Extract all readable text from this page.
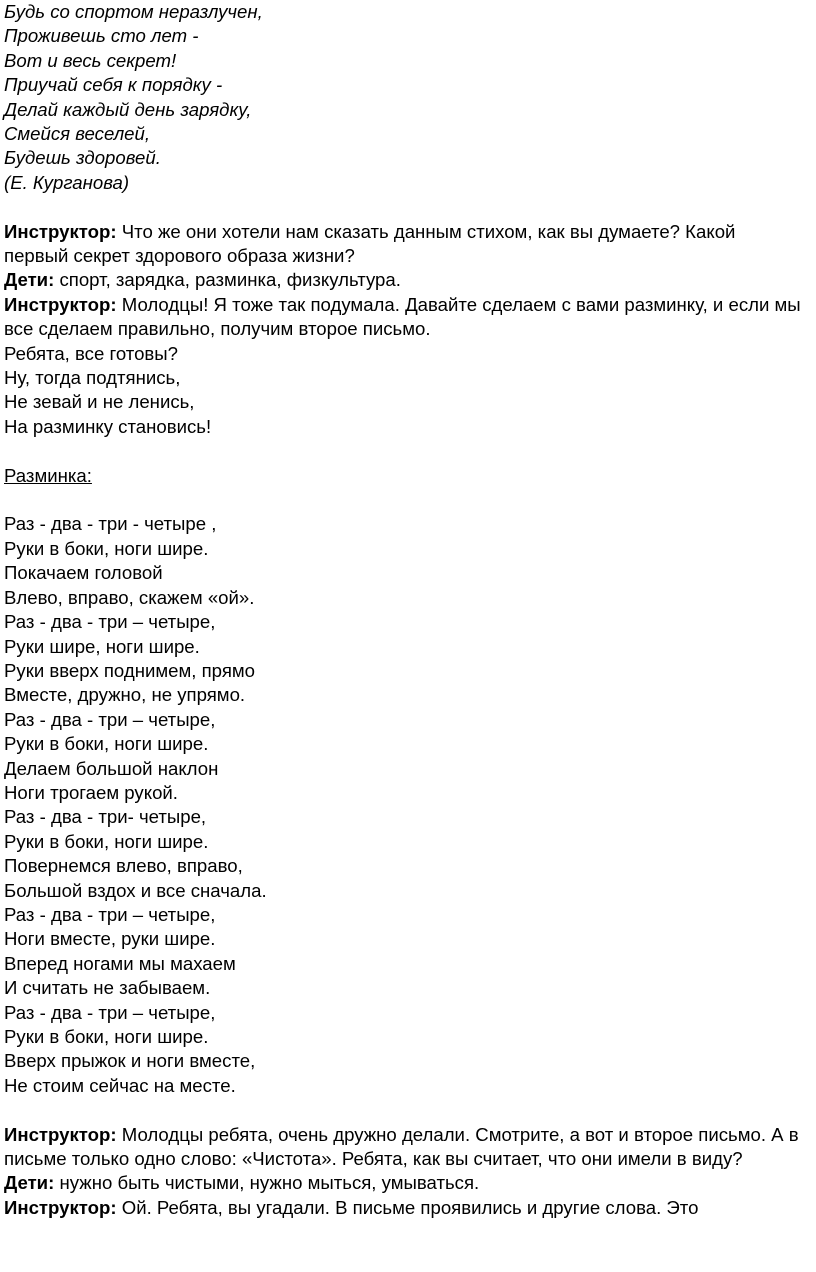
Будь со спортом неразлучен,
Проживешь сто лет -
Вот и весь секрет!
Приучай себя к порядку -
Делай каждый день зарядку,
Смейся веселей,
Будешь здоровей.
(Е. Курганова)
Инструктор: Что же они хотели нам сказать данным стихом, как вы думаете? Какой первый секрет здорового образа жизни?
Дети: спорт, зарядка, разминка, физкультура.
Инструктор: Молодцы! Я тоже так подумала. Давайте сделаем с вами разминку, и если мы все сделаем правильно, получим второе письмо.
Ребята, все готовы?
Ну, тогда подтянись,
Не зевай и не ленись,
На разминку становись!
Разминка:
Раз - два - три - четыре ,
Руки в боки, ноги шире.
Покачаем головой
Влево, вправо, скажем «ой».
Раз - два - три – четыре,
Руки шире, ноги шире.
Руки вверх поднимем, прямо
Вместе, дружно, не упрямо.
Раз - два - три – четыре,
Руки в боки, ноги шире.
Делаем большой наклон
Ноги трогаем рукой.
Раз - два - три- четыре,
Руки в боки, ноги шире.
Повернемся влево, вправо,
Большой вздох и все сначала.
Раз - два - три – четыре,
Ноги вместе, руки шире.
Вперед ногами мы махаем
И считать не забываем.
Раз - два - три – четыре,
Руки в боки, ноги шире.
Вверх прыжок и ноги вместе,
Не стоим сейчас на месте.
Инструктор: Молодцы ребята, очень дружно делали. Смотрите, а вот и второе письмо. А в письме только одно слово: «Чистота». Ребята, как вы считает, что они имели в виду?
Дети: нужно быть чистыми, нужно мыться, умываться.
Инструктор: Ой. Ребята, вы угадали. В письме проявились и другие слова. Это
